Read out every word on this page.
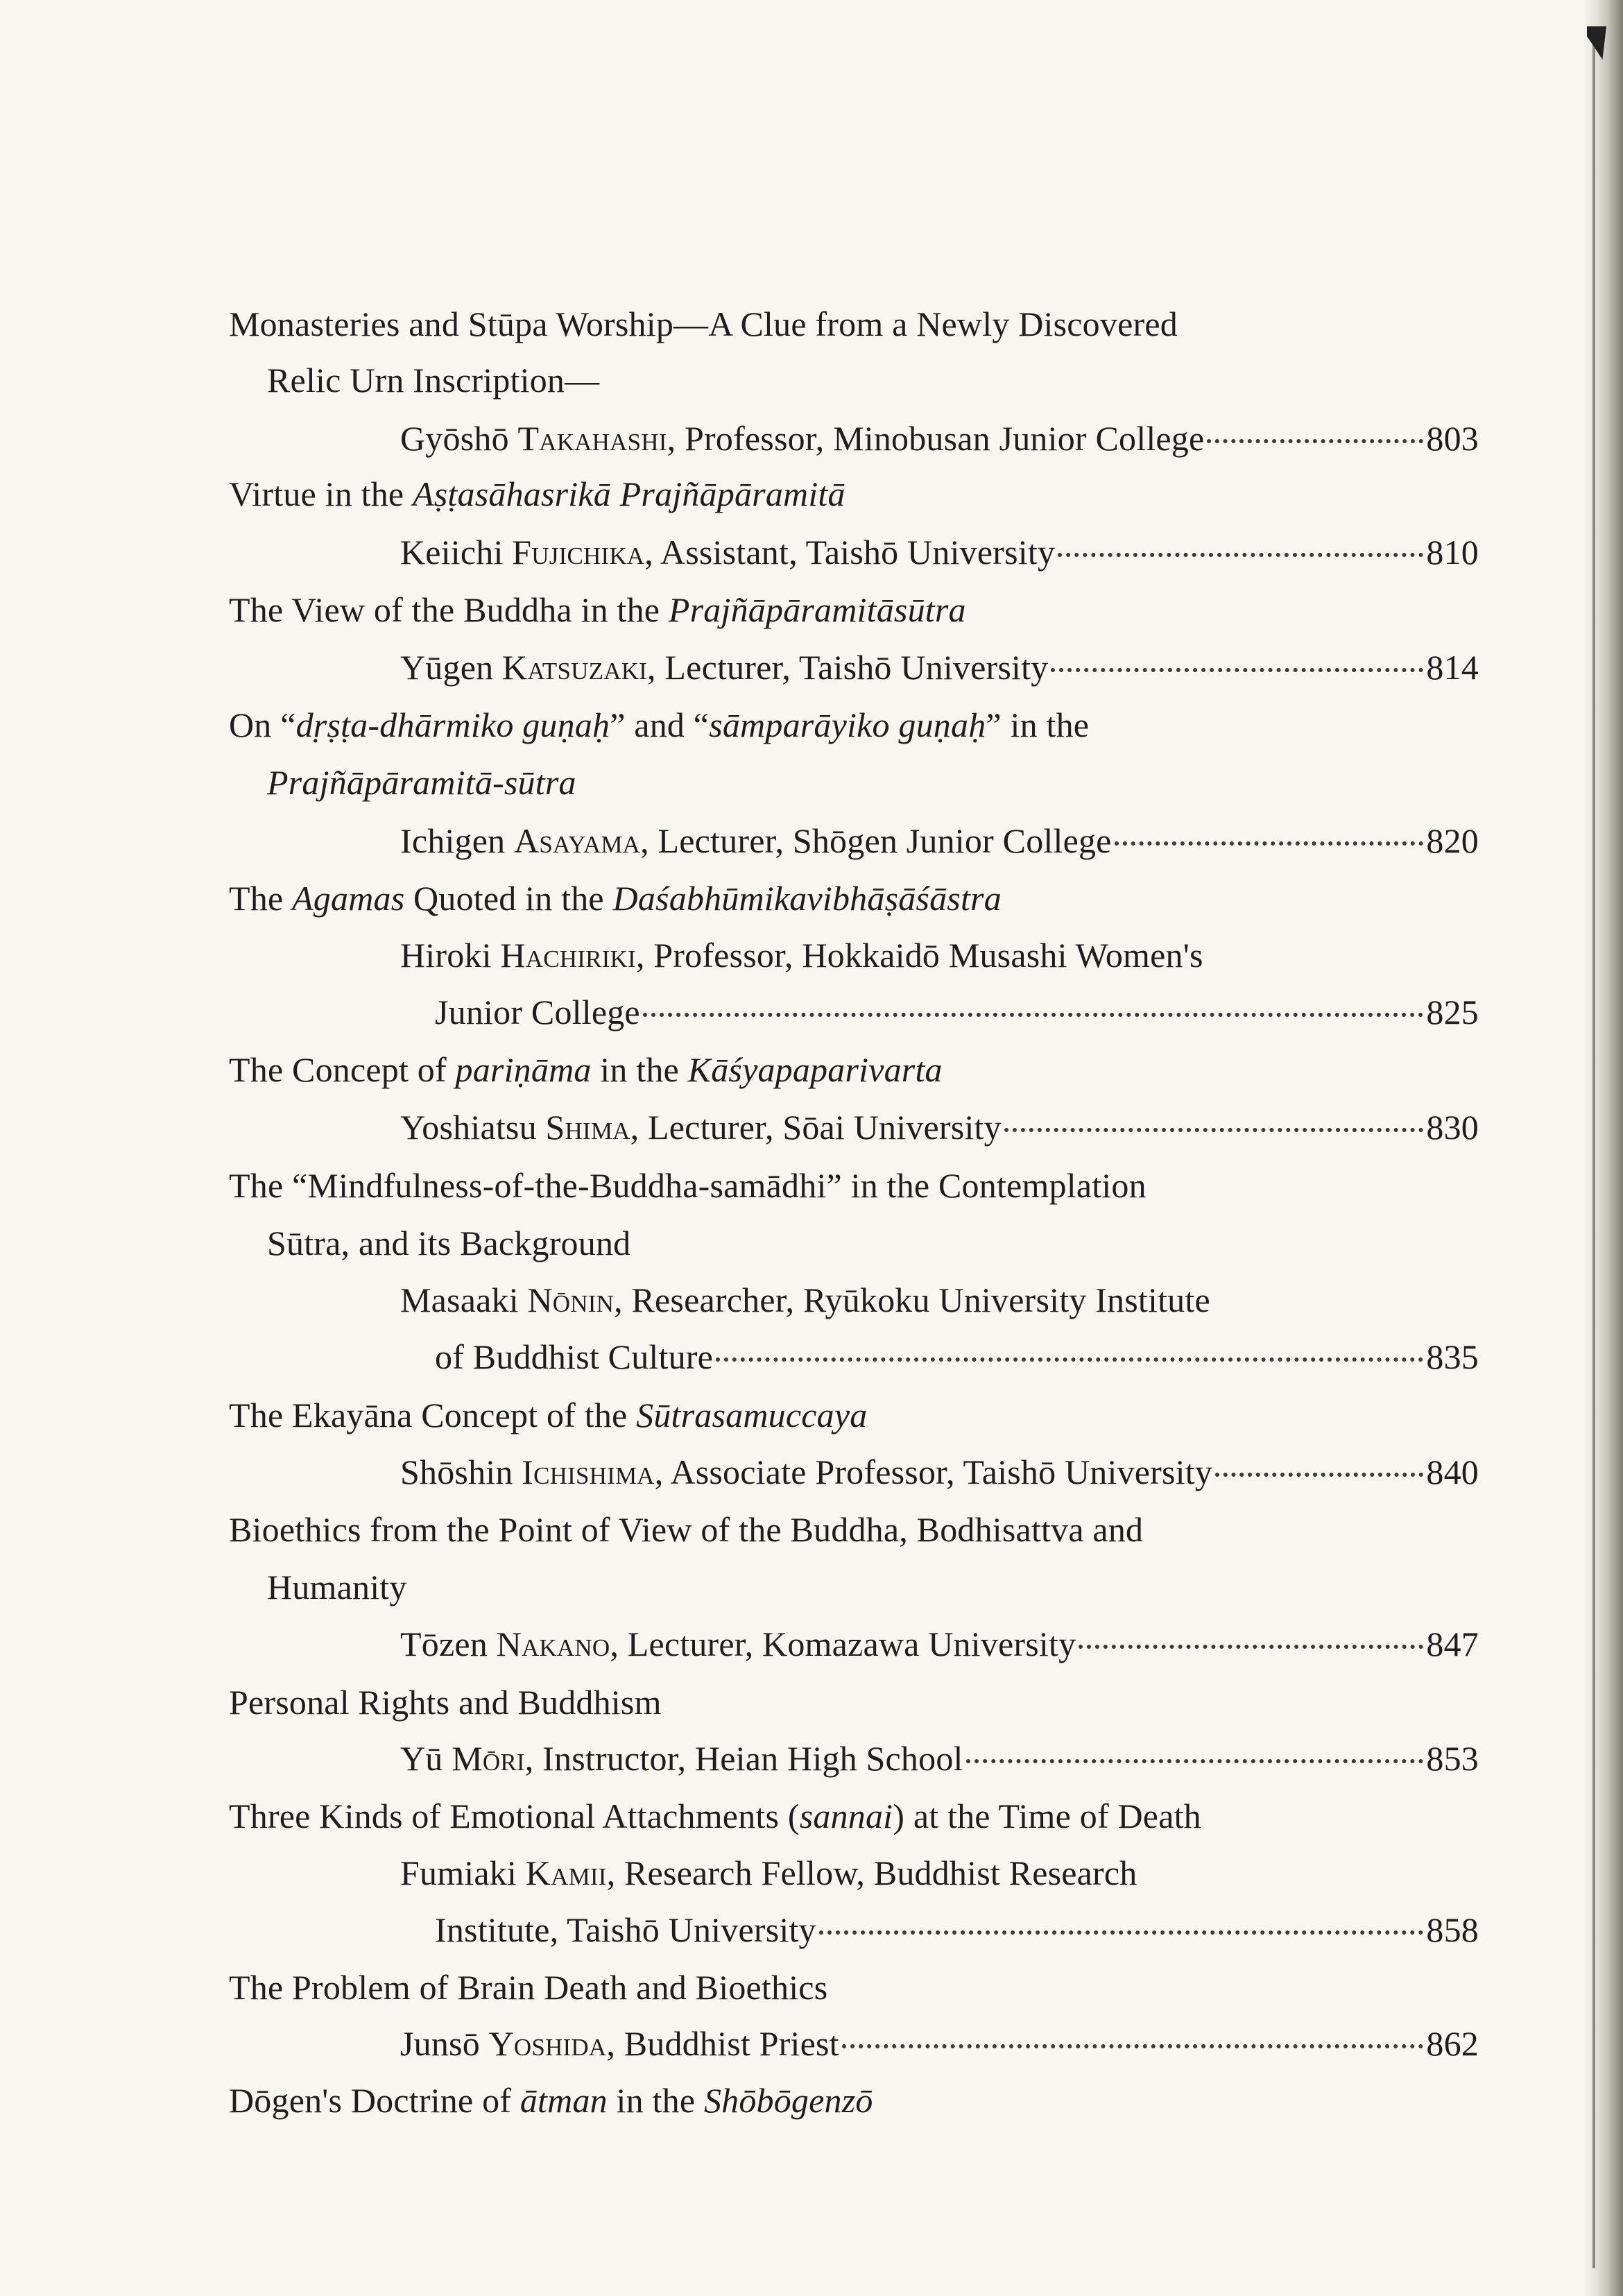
Monasteries and Stūpa Worship—A Clue from a Newly Discovered
Relic Urn Inscription—
Gyōshō Takahashi, Professor, Minobusan Junior College	803
Virtue in the Aṣṭasāhasrikā Prajñāpāramitā
Keiichi Fujichika, Assistant, Taishō University	810
The View of the Buddha in the Prajñāpāramitāsūtra
Yūgen Katsuzaki, Lecturer, Taishō University	814
On “dṛṣṭa-dhārmiko guṇaḥ” and “sāmparāyiko guṇaḥ” in the
Prajñāpāramitā-sūtra
Ichigen Asayama, Lecturer, Shōgen Junior College	820
The Agamas Quoted in the Daśabhūmikavibhāṣāśāstra
Hiroki Hachiriki, Professor, Hokkaidō Musashi Women's
Junior College	825
The Concept of pariṇāma in the Kāśyapaparivarta
Yoshiatsu Shima, Lecturer, Sōai University	830
The “Mindfulness-of-the-Buddha-samādhi” in the Contemplation
Sūtra, and its Background
Masaaki Nōnin, Researcher, Ryūkoku University Institute
of Buddhist Culture	835
The Ekayāna Concept of the Sūtrasamuccaya
Shōshin Ichishima, Associate Professor, Taishō University	840
Bioethics from the Point of View of the Buddha, Bodhisattva and
Humanity
Tōzen Nakano, Lecturer, Komazawa University	847
Personal Rights and Buddhism
Yū Mōri, Instructor, Heian High School	853
Three Kinds of Emotional Attachments (sannai) at the Time of Death
Fumiaki Kamii, Research Fellow, Buddhist Research
Institute, Taishō University	858
The Problem of Brain Death and Bioethics
Junsō Yoshida, Buddhist Priest	862
Dōgen's Doctrine of ātman in the Shōbōgenzō
